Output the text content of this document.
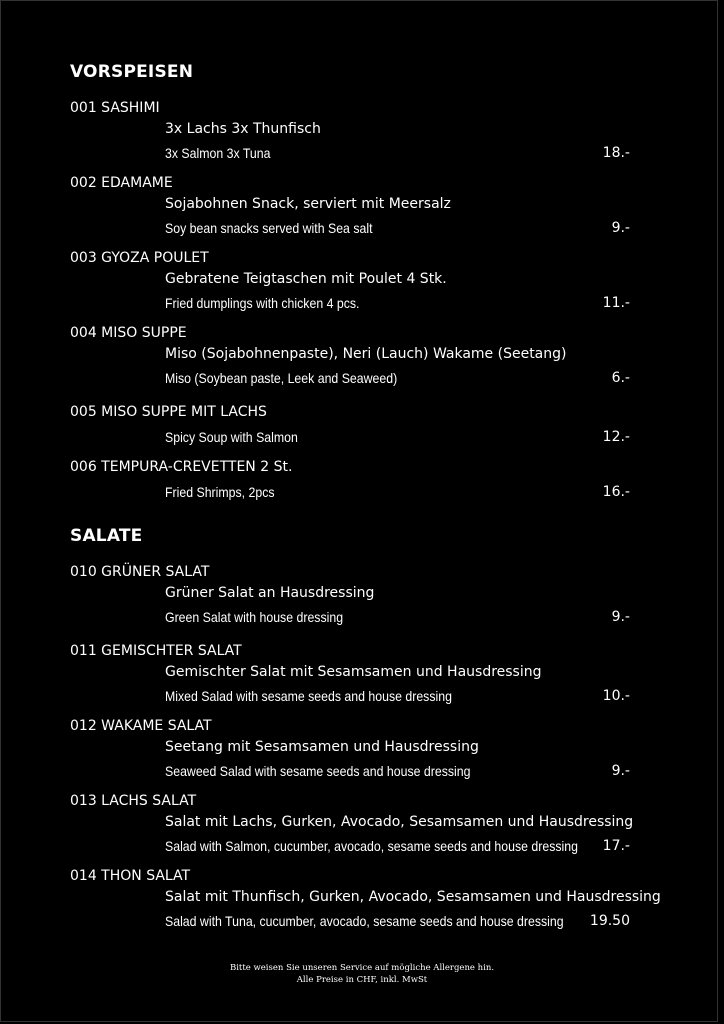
VORSPEISEN
001 SASHIMI
3x Lachs 3x Thunfisch
3x Salmon 3x Tuna	18.-
002 EDAMAME
Sojabohnen Snack, serviert mit Meersalz
Soy bean snacks served with Sea salt	9.-
003 GYOZA POULET
Gebratene Teigtaschen mit Poulet 4 Stk.
Fried dumplings with chicken 4 pcs.	11.-
004 MISO SUPPE
Miso (Sojabohnenpaste), Neri (Lauch) Wakame (Seetang)
Miso (Soybean paste, Leek and Seaweed)	6.-
005 MISO SUPPE MIT LACHS
Spicy Soup with Salmon	12.-
006 TEMPURA-CREVETTEN 2 St.
Fried Shrimps, 2pcs	16.-
SALATE
010 GRÜNER SALAT
Grüner Salat an Hausdressing
Green Salat with house dressing	9.-
011 GEMISCHTER SALAT
Gemischter Salat mit Sesamsamen und Hausdressing
Mixed Salad with sesame seeds and house dressing	10.-
012 WAKAME SALAT
Seetang mit Sesamsamen und Hausdressing
Seaweed Salad with sesame seeds and house dressing	9.-
013 LACHS SALAT
Salat mit Lachs, Gurken, Avocado, Sesamsamen und Hausdressing
Salad with Salmon, cucumber, avocado, sesame seeds and house dressing 17.-
014 THON SALAT
Salat mit Thunfisch, Gurken, Avocado, Sesamsamen und Hausdressing
Salad with Tuna, cucumber, avocado, sesame seeds and house dressing 19.50
Bitte weisen Sie unseren Service auf mögliche Allergene hin.
Alle Preise in CHF, inkl. MwSt
